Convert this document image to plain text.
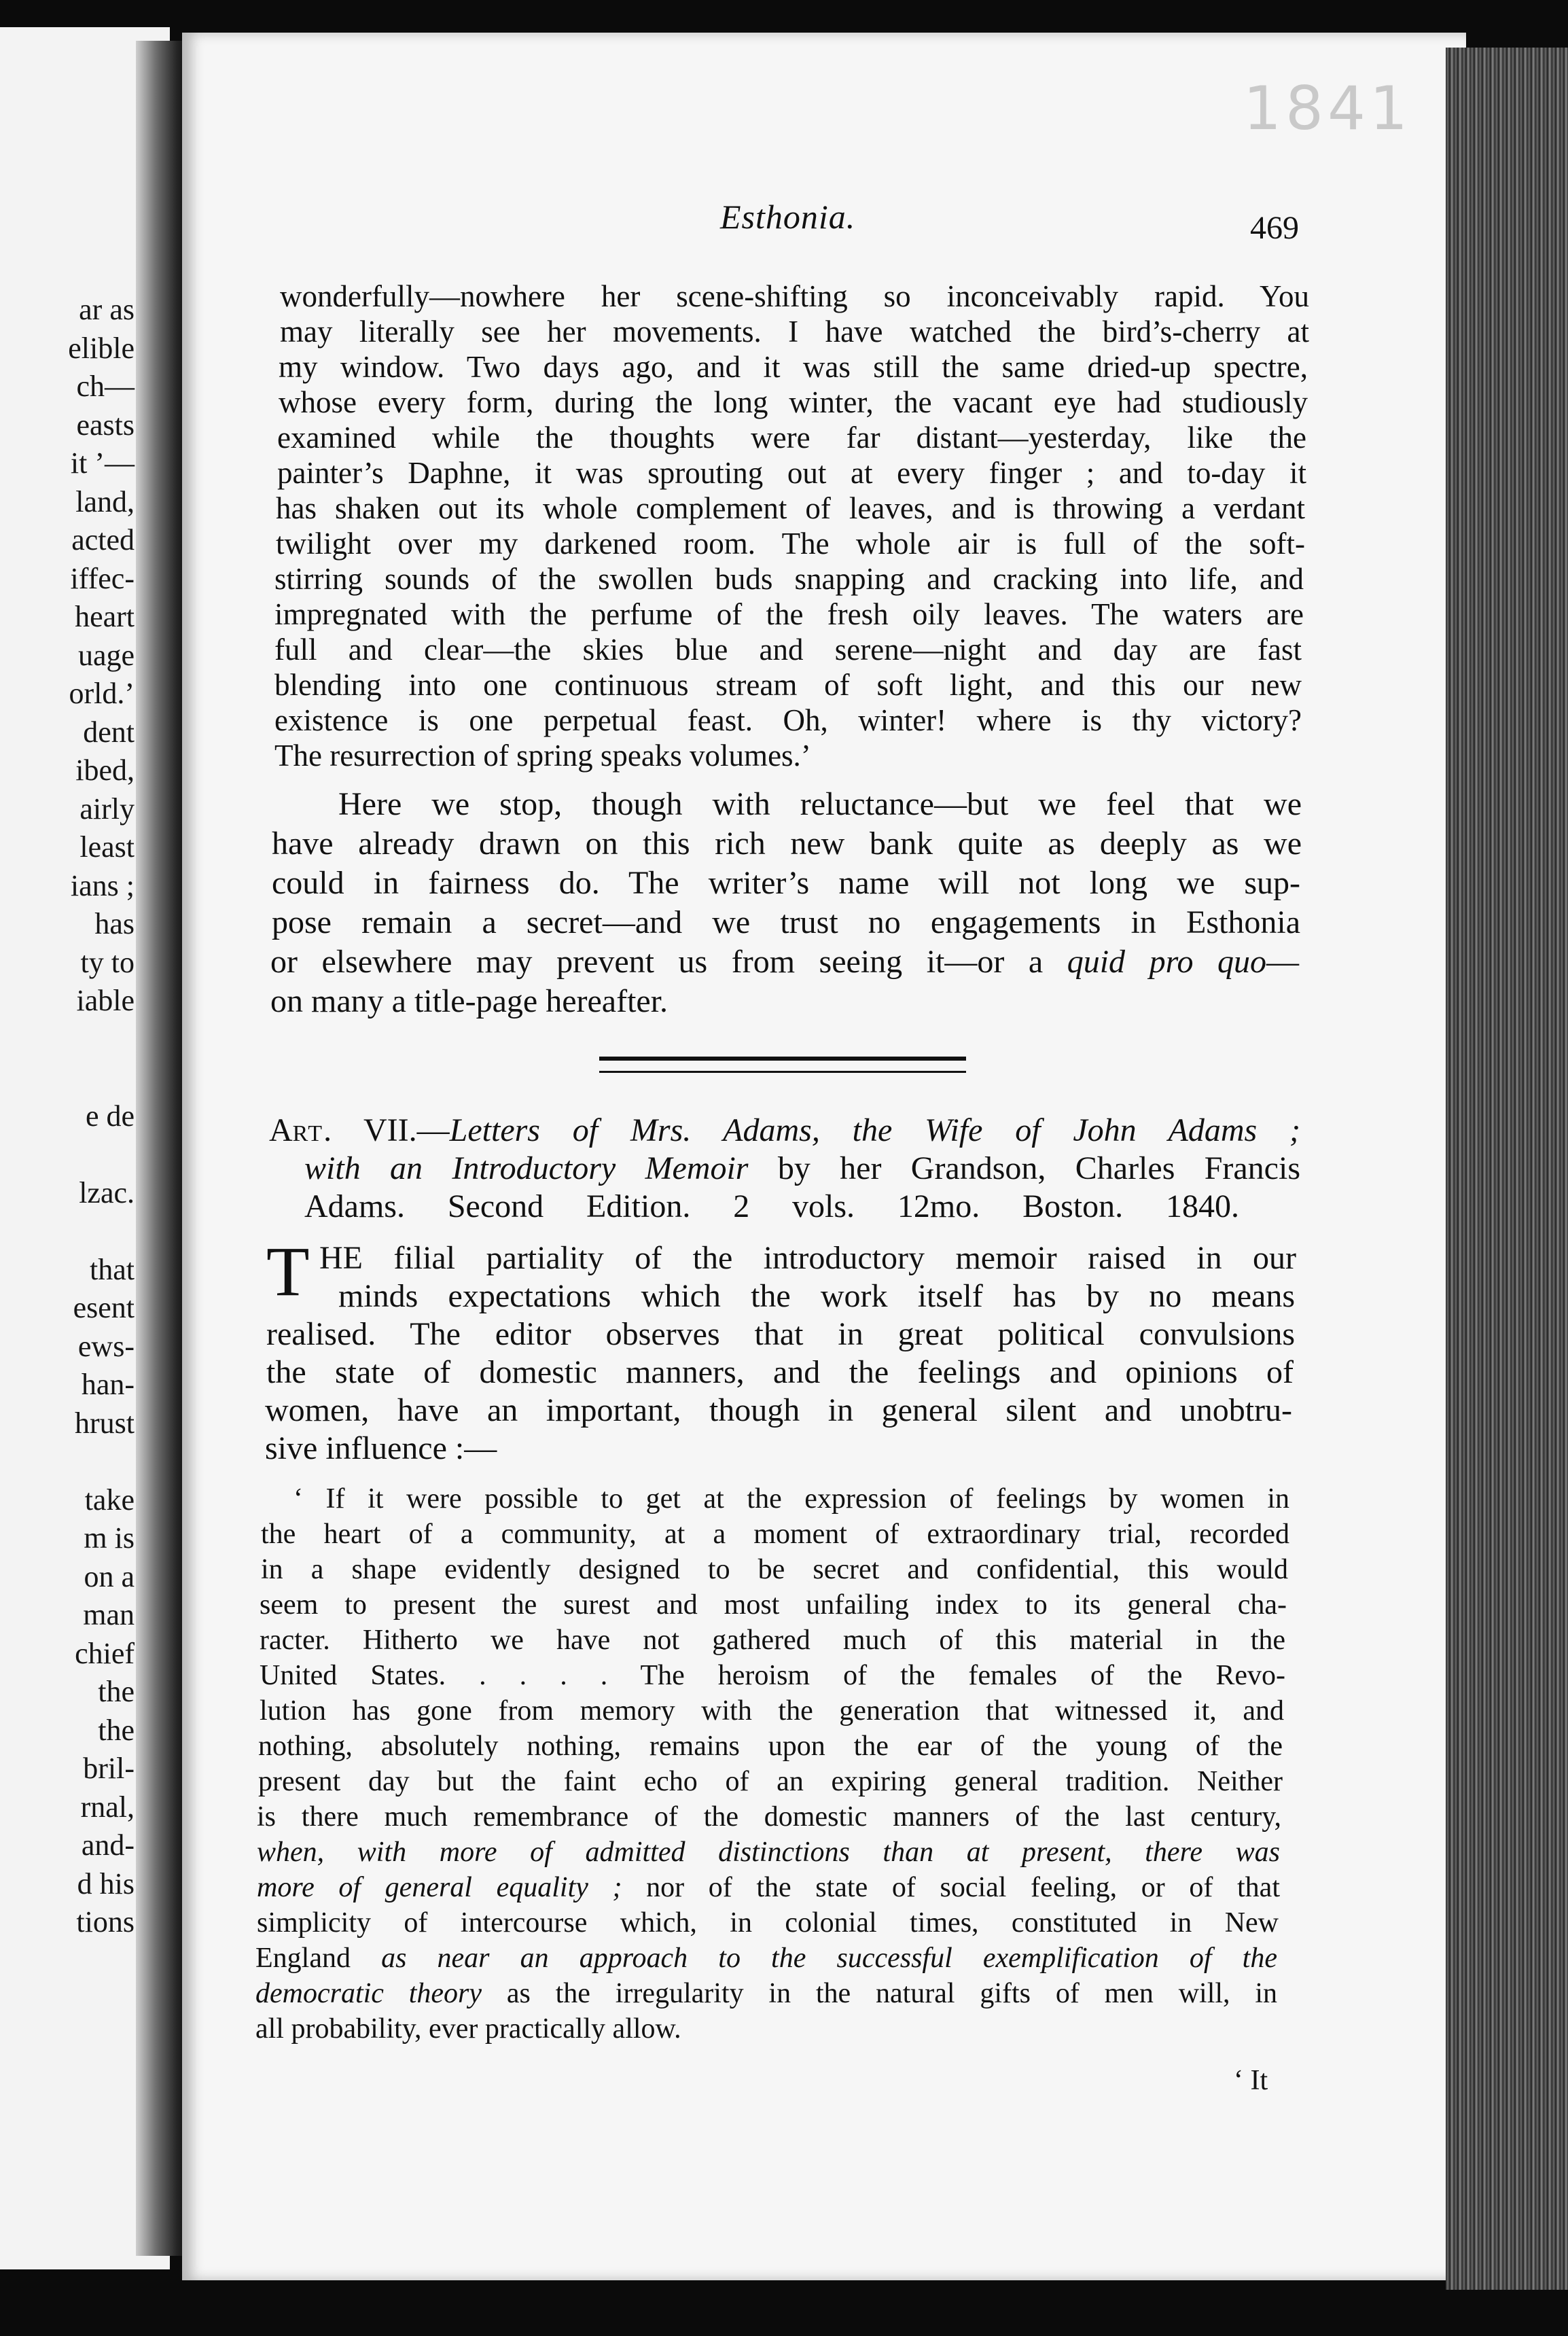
ar as

elible

ch—

easts

it ’—

land,

acted

iffec-

heart

uage

orld.’

dent

ibed,

airly

least

ians ;

has

ty to

iable

e de

lzac.

that

esent

ews-

han-

hrust

take

m is

on a

man

chief

the

the

bril-

rnal,

and-

d his

tions

1841
Esthonia.	469

wonderfully—nowhere her scene-shifting so inconceivably rapid. You

may literally see her movements. I have watched the bird’s-cherry at

my window. Two days ago, and it was still the same dried-up spectre,

whose every form, during the long winter, the vacant eye had studiously

examined while the thoughts were far distant—yesterday, like the

painter’s Daphne, it was sprouting out at every finger ; and to-day it

has shaken out its whole complement of leaves, and is throwing a verdant

twilight over my darkened room. The whole air is full of the soft-

stirring sounds of the swollen buds snapping and cracking into life, and

impregnated with the perfume of the fresh oily leaves. The waters are

full and clear—the skies blue and serene—night and day are fast

blending into one continuous stream of soft light, and this our new

existence is one perpetual feast. Oh, winter! where is thy victory?

The resurrection of spring speaks volumes.’

Here we stop, though with reluctance—but we feel that we

have already drawn on this rich new bank quite as deeply as we

could in fairness do. The writer’s name will not long we sup-

pose remain a secret—and we trust no engagements in Esthonia

or elsewhere may prevent us from seeing it—or a quid pro quo—

on many a title-page hereafter.

ART. VII.—Letters of Mrs. Adams, the Wife of John Adams ;

with an Introductory Memoir by her Grandson, Charles Francis

Adams. Second Edition. 2 vols. 12mo. Boston. 1840.

T HE filial partiality of the introductory memoir raised in our

minds expectations which the work itself has by no means

realised. The editor observes that in great political convulsions

the state of domestic manners, and the feelings and opinions of

women, have an important, though in general silent and unobtru-

sive influence :—

‘ If it were possible to get at the expression of feelings by women in

the heart of a community, at a moment of extraordinary trial, recorded

in a shape evidently designed to be secret and confidential, this would

seem to present the surest and most unfailing index to its general cha-

racter. Hitherto we have not gathered much of this material in the

United States. . . . . The heroism of the females of the Revo-

lution has gone from memory with the generation that witnessed it, and

nothing, absolutely nothing, remains upon the ear of the young of the

present day but the faint echo of an expiring general tradition. Neither

is there much remembrance of the domestic manners of the last century,

when, with more of admitted distinctions than at present, there was

more of general equality ; nor of the state of social feeling, or of that

simplicity of intercourse which, in colonial times, constituted in New

England as near an approach to the successful exemplification of the

democratic theory as the irregularity in the natural gifts of men will, in

all probability, ever practically allow.

‘ It
